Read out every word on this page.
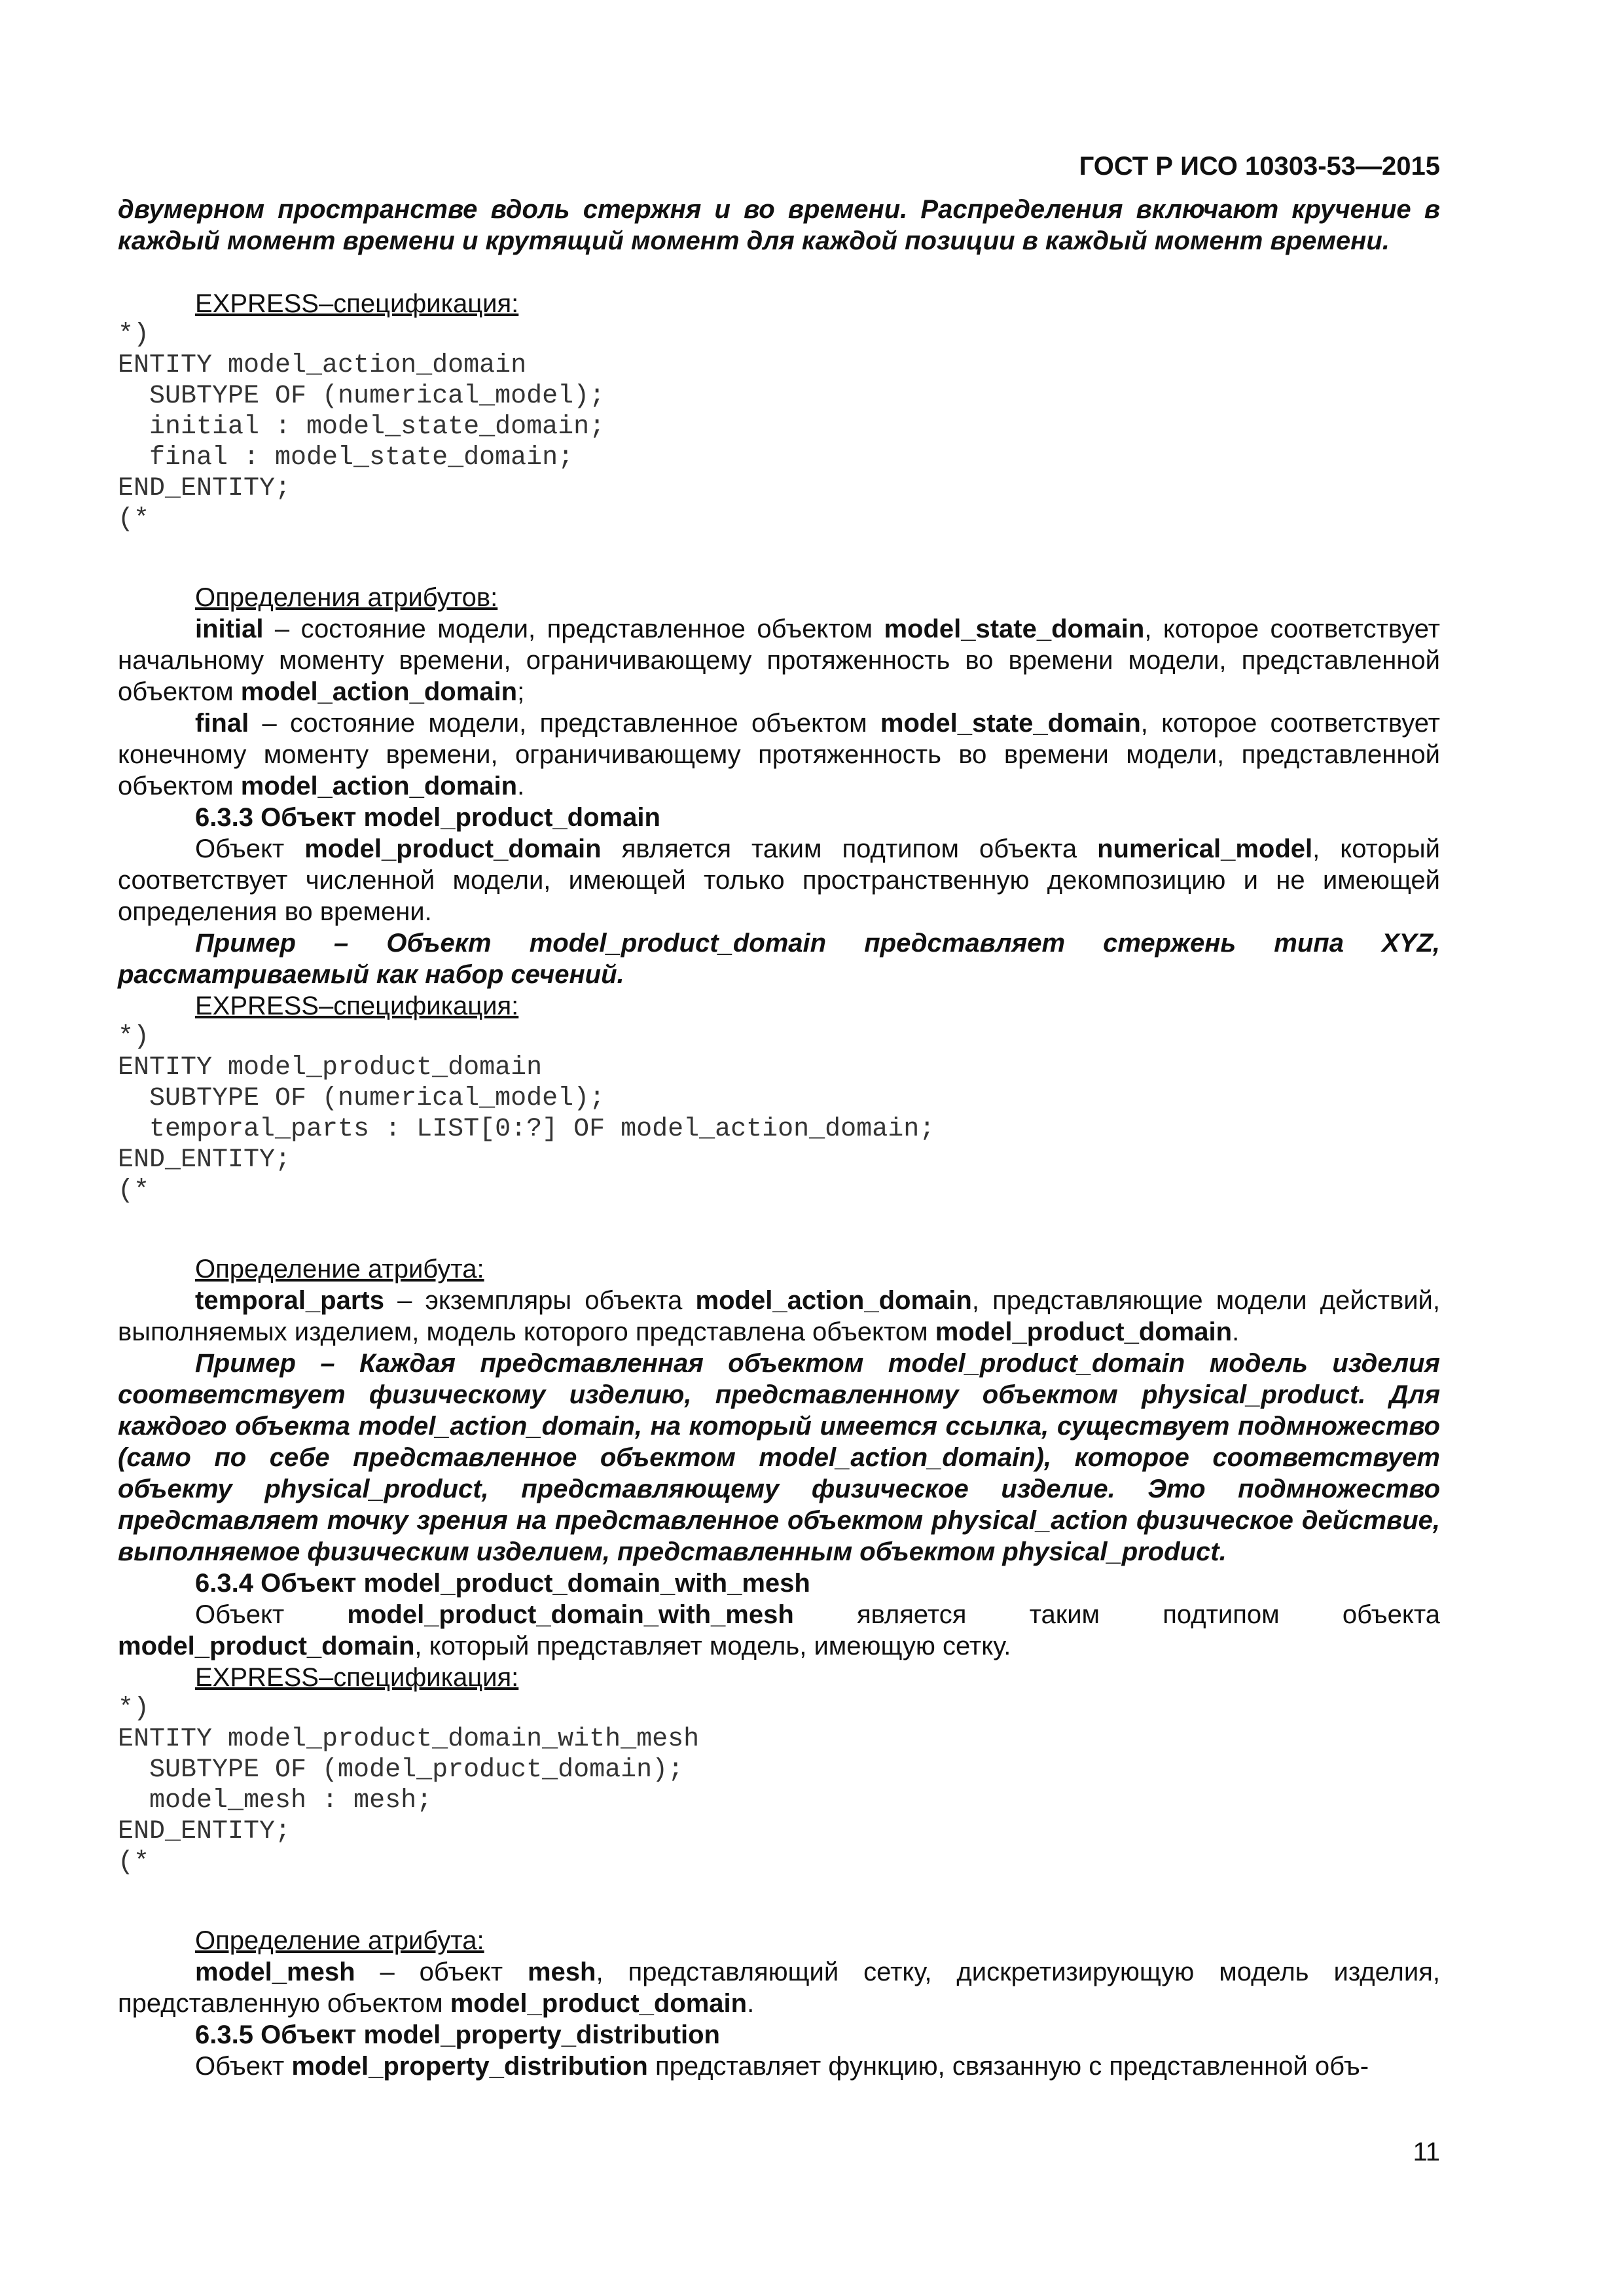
ГОСТ Р ИСО 10303-53—2015

двумерном пространстве вдоль стержня и во времени. Распределения включают кручение в каждый момент времени и крутящий момент для каждой позиции в каждый момент времени.

EXPRESS–спецификация:

*)
ENTITY model_action_domain
SUBTYPE OF (numerical_model);
initial : model_state_domain;
final : model_state_domain;
END_ENTITY;
(*

Определения атрибутов:

initial – состояние модели, представленное объектом model_state_domain, которое соответствует начальному моменту времени, ограничивающему протяженность во времени модели, представленной объектом model_action_domain;

final – состояние модели, представленное объектом model_state_domain, которое соответствует конечному моменту времени, ограничивающему протяженность во времени модели, представленной объектом model_action_domain.

6.3.3 Объект model_product_domain

Объект model_product_domain является таким подтипом объекта numerical_model, который соответствует численной модели, имеющей только пространственную декомпозицию и не имеющей определения во времени.

Пример – Объект model_product_domain представляет стержень типа XYZ, рассматриваемый как набор сечений.

EXPRESS–спецификация:

*)
ENTITY model_product_domain
SUBTYPE OF (numerical_model);
temporal_parts : LIST[0:?] OF model_action_domain;
END_ENTITY;
(*

Определение атрибута:

temporal_parts – экземпляры объекта model_action_domain, представляющие модели действий, выполняемых изделием, модель которого представлена объектом model_product_domain.

Пример – Каждая представленная объектом model_product_domain модель изделия соответствует физическому изделию, представленному объектом physical_product. Для каждого объекта model_action_domain, на который имеется ссылка, существует подмножество (само по себе представленное объектом model_action_domain), которое соответствует объекту physical_product, представляющему физическое изделие. Это подмножество представляет точку зрения на представленное объектом physical_action физическое действие, выполняемое физическим изделием, представленным объектом physical_product.

6.3.4 Объект model_product_domain_with_mesh

Объект model_product_domain_with_mesh является таким подтипом объекта model_product_domain, который представляет модель, имеющую сетку.

EXPRESS–спецификация:

*)
ENTITY model_product_domain_with_mesh
SUBTYPE OF (model_product_domain);
model_mesh : mesh;
END_ENTITY;
(*

Определение атрибута:

model_mesh – объект mesh, представляющий сетку, дискретизирующую модель изделия, представленную объектом model_product_domain.

6.3.5 Объект model_property_distribution

Объект model_property_distribution представляет функцию, связанную с представленной объ-

11
